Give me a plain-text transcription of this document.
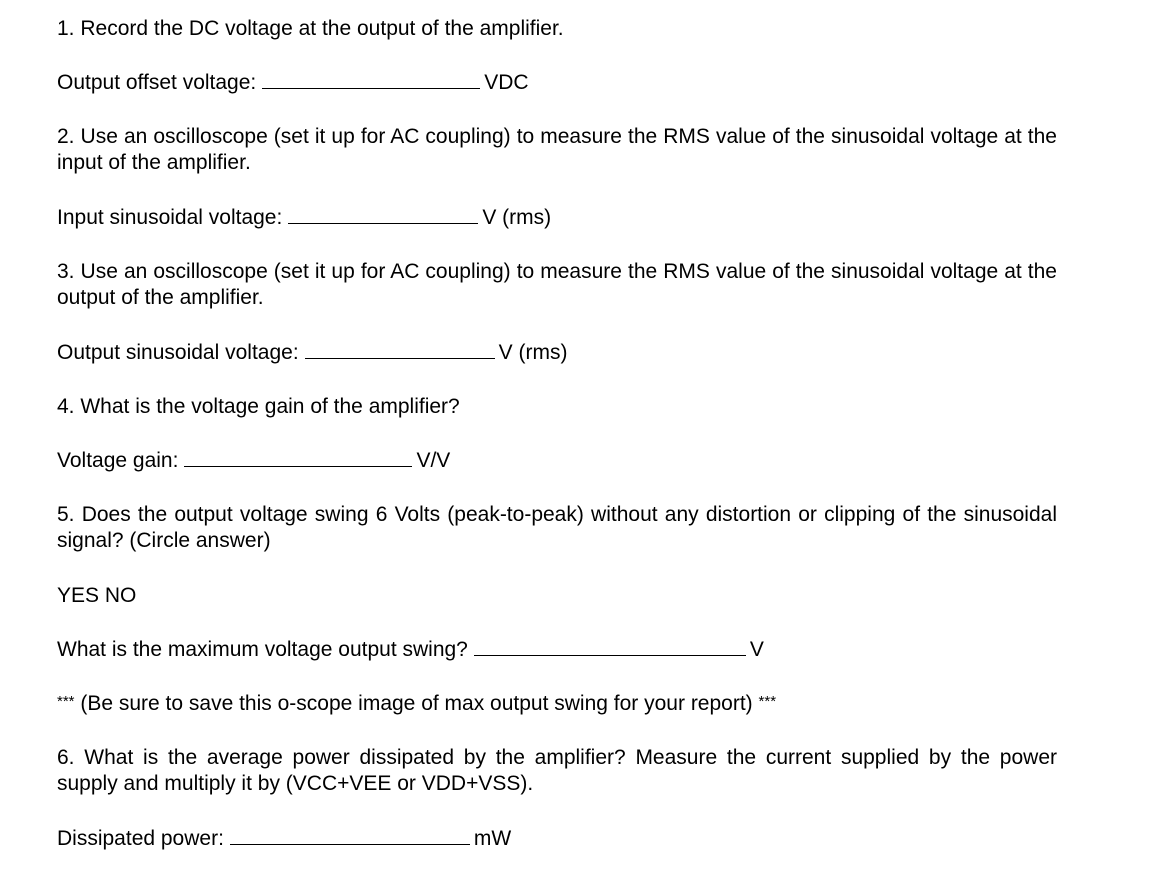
1. Record the DC voltage at the output of the amplifier.
Output offset voltage:	VDC
2. Use an oscilloscope (set it up for AC coupling) to measure the RMS value of the sinusoidal voltage at the input of the amplifier.
Input sinusoidal voltage:	V (rms)
3. Use an oscilloscope (set it up for AC coupling) to measure the RMS value of the sinusoidal voltage at the output of the amplifier.
Output sinusoidal voltage:	V (rms)
4. What is the voltage gain of the amplifier?
Voltage gain:	V/V
5. Does the output voltage swing 6 Volts (peak-to-peak) without any distortion or clipping of the sinusoidal signal? (Circle answer)
YES NO
What is the maximum voltage output swing?	V
*** (Be sure to save this o-scope image of max output swing for your report) ***
6. What is the average power dissipated by the amplifier? Measure the current supplied by the power supply and multiply it by (VCC+VEE or VDD+VSS).
Dissipated power:	mW
